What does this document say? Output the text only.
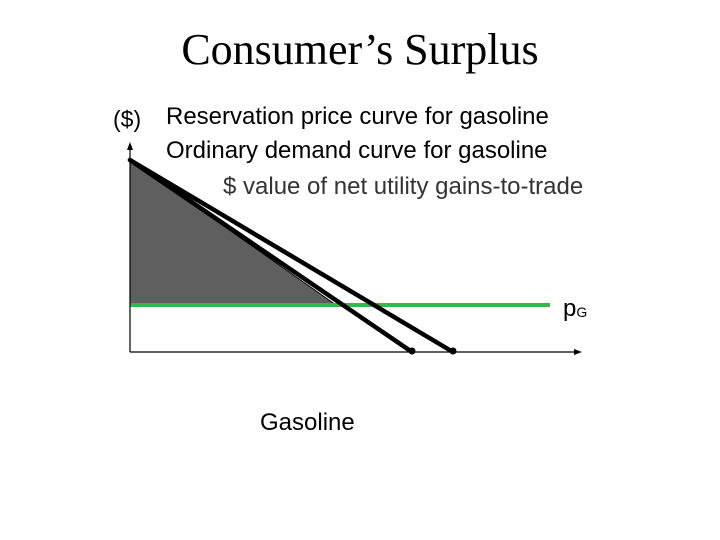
Consumer’s Surplus
($) Reservation price curve for gasoline
Ordinary demand curve for gasoline
$ value of net utility gains-to-trade
$p_G$
Gasoline
